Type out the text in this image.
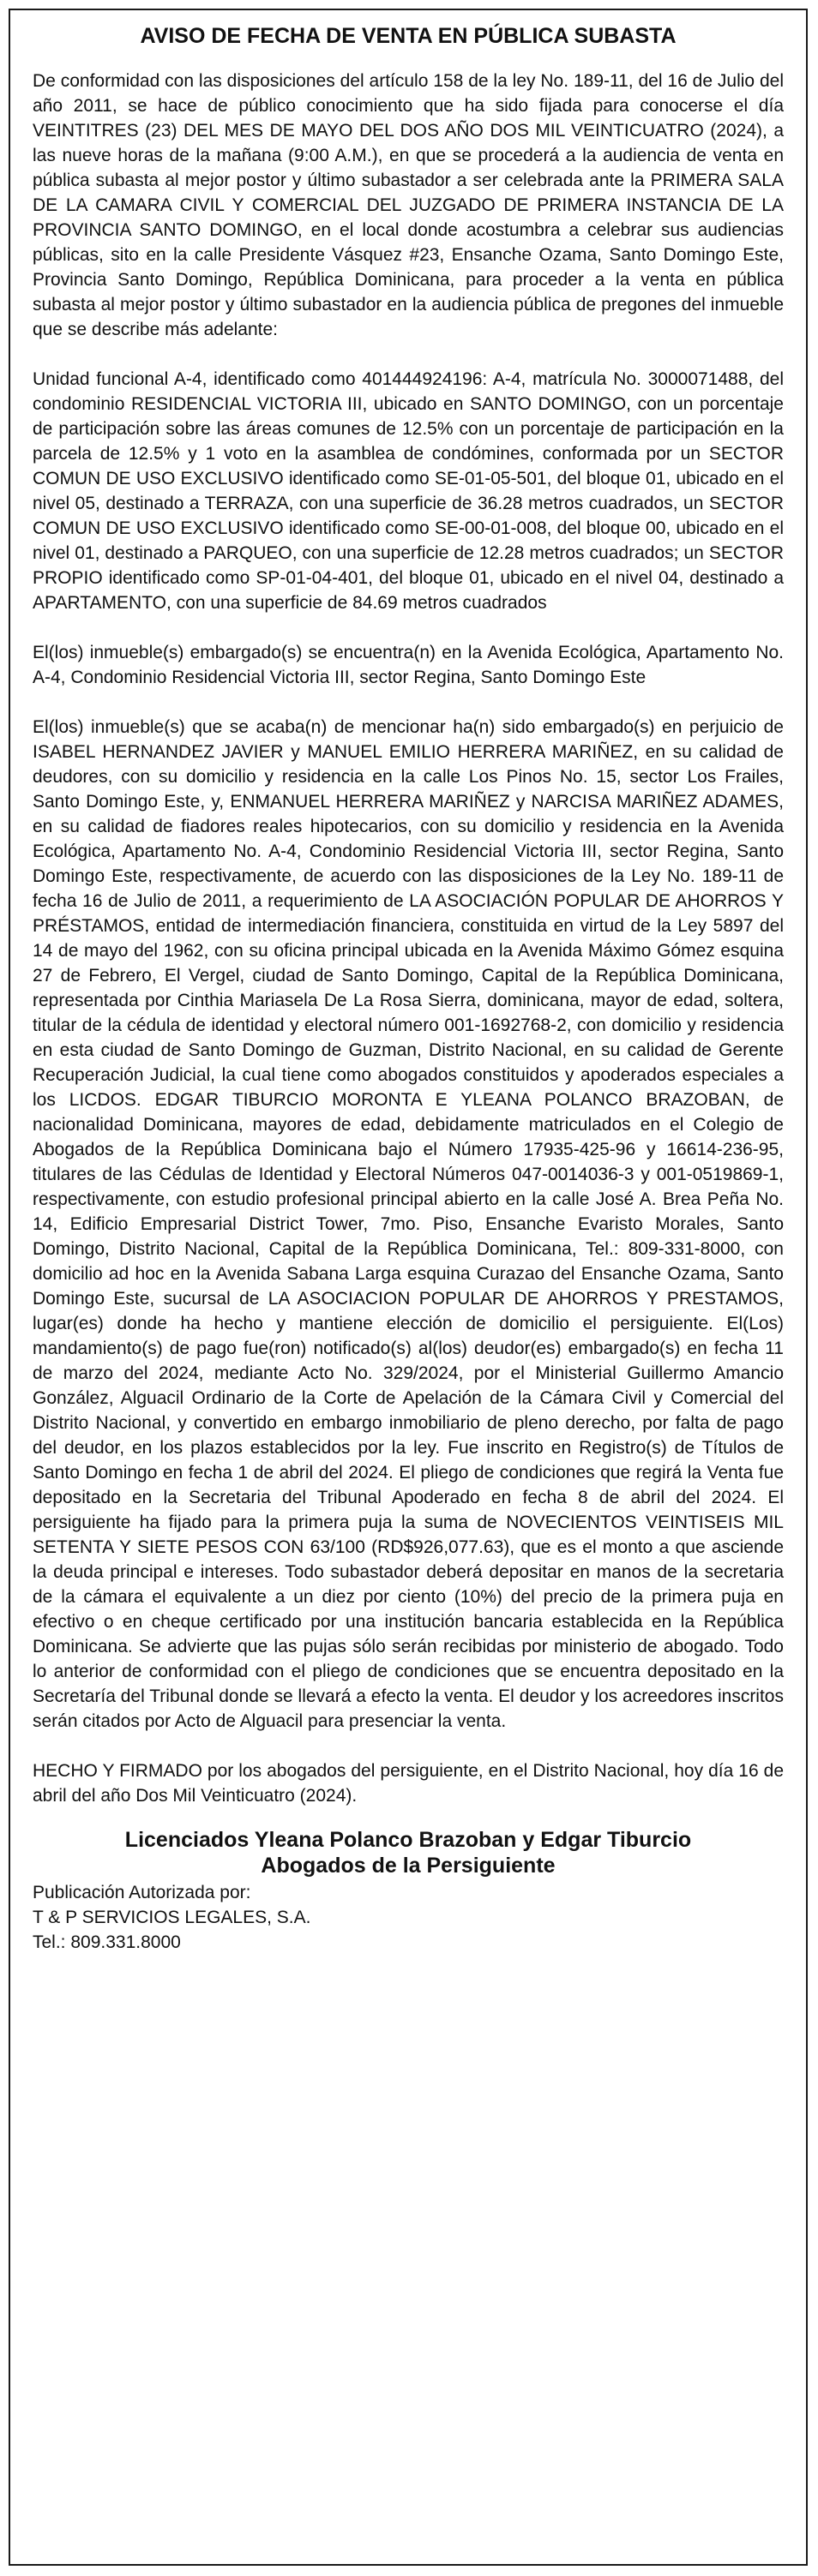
AVISO DE FECHA DE VENTA EN PÚBLICA SUBASTA

De conformidad con las disposiciones del artículo 158 de la ley No. 189-11, del 16 de Julio del año 2011, se hace de público conocimiento que ha sido fijada para conocerse el día VEINTITRES (23) DEL MES DE MAYO DEL DOS AÑO DOS MIL VEINTICUATRO (2024), a las nueve horas de la mañana (9:00 A.M.), en que se procederá a la audiencia de venta en pública subasta al mejor postor y último subastador a ser celebrada ante la PRIMERA SALA DE LA CAMARA CIVIL Y COMERCIAL DEL JUZGADO DE PRIMERA INSTANCIA DE LA PROVINCIA SANTO DOMINGO, en el local donde acostumbra a celebrar sus audiencias públicas, sito en la calle Presidente Vásquez #23, Ensanche Ozama, Santo Domingo Este, Provincia Santo Domingo, República Dominicana, para proceder a la venta en pública subasta al mejor postor y último subastador en la audiencia pública de pregones del inmueble que se describe más adelante:

Unidad funcional A-4, identificado como 401444924196: A-4, matrícula No. 3000071488, del condominio RESIDENCIAL VICTORIA III, ubicado en SANTO DOMINGO, con un porcentaje de participación sobre las áreas comunes de 12.5% con un porcentaje de participación en la parcela de 12.5% y 1 voto en la asamblea de condómines, conformada por un SECTOR COMUN DE USO EXCLUSIVO identificado como SE-01-05-501, del bloque 01, ubicado en el nivel 05, destinado a TERRAZA, con una superficie de 36.28 metros cuadrados, un SECTOR COMUN DE USO EXCLUSIVO identificado como SE-00-01-008, del bloque 00, ubicado en el nivel 01, destinado a PARQUEO, con una superficie de 12.28 metros cuadrados; un SECTOR PROPIO identificado como SP-01-04-401, del bloque 01, ubicado en el nivel 04, destinado a APARTAMENTO, con una superficie de 84.69 metros cuadrados

El(los) inmueble(s) embargado(s) se encuentra(n) en la Avenida Ecológica, Apartamento No. A-4, Condominio Residencial Victoria III, sector Regina, Santo Domingo Este

El(los) inmueble(s) que se acaba(n) de mencionar ha(n) sido embargado(s) en perjuicio de ISABEL HERNANDEZ JAVIER y MANUEL EMILIO HERRERA MARIÑEZ, en su calidad de deudores, con su domicilio y residencia en la calle Los Pinos No. 15, sector Los Frailes, Santo Domingo Este, y, ENMANUEL HERRERA MARIÑEZ y NARCISA MARIÑEZ ADAMES, en su calidad de fiadores reales hipotecarios, con su domicilio y residencia en la Avenida Ecológica, Apartamento No. A-4, Condominio Residencial Victoria III, sector Regina, Santo Domingo Este, respectivamente, de acuerdo con las disposiciones de la Ley No. 189-11 de fecha 16 de Julio de 2011, a requerimiento de LA ASOCIACIÓN POPULAR DE AHORROS Y PRÉSTAMOS, entidad de intermediación financiera, constituida en virtud de la Ley 5897 del 14 de mayo del 1962, con su oficina principal ubicada en la Avenida Máximo Gómez esquina 27 de Febrero, El Vergel, ciudad de Santo Domingo, Capital de la República Dominicana, representada por Cinthia Mariasela De La Rosa Sierra, dominicana, mayor de edad, soltera, titular de la cédula de identidad y electoral número 001-1692768-2, con domicilio y residencia en esta ciudad de Santo Domingo de Guzman, Distrito Nacional, en su calidad de Gerente Recuperación Judicial, la cual tiene como abogados constituidos y apoderados especiales a los LICDOS. EDGAR TIBURCIO MORONTA E YLEANA POLANCO BRAZOBAN, de nacionalidad Dominicana, mayores de edad, debidamente matriculados en el Colegio de Abogados de la República Dominicana bajo el Número 17935-425-96 y 16614-236-95, titulares de las Cédulas de Identidad y Electoral Números 047-0014036-3 y 001-0519869-1, respectivamente, con estudio profesional principal abierto en la calle José A. Brea Peña No. 14, Edificio Empresarial District Tower, 7mo. Piso, Ensanche Evaristo Morales, Santo Domingo, Distrito Nacional, Capital de la República Dominicana, Tel.: 809-331-8000, con domicilio ad hoc en la Avenida Sabana Larga esquina Curazao del Ensanche Ozama, Santo Domingo Este, sucursal de LA ASOCIACION POPULAR DE AHORROS Y PRESTAMOS, lugar(es) donde ha hecho y mantiene elección de domicilio el persiguiente. El(Los) mandamiento(s) de pago fue(ron) notificado(s) al(los) deudor(es) embargado(s) en fecha 11 de marzo del 2024, mediante Acto No. 329/2024, por el Ministerial Guillermo Amancio González, Alguacil Ordinario de la Corte de Apelación de la Cámara Civil y Comercial del Distrito Nacional, y convertido en embargo inmobiliario de pleno derecho, por falta de pago del deudor, en los plazos establecidos por la ley. Fue inscrito en Registro(s) de Títulos de Santo Domingo en fecha 1 de abril del 2024. El pliego de condiciones que regirá la Venta fue depositado en la Secretaria del Tribunal Apoderado en fecha 8 de abril del 2024. El persiguiente ha fijado para la primera puja la suma de NOVECIENTOS VEINTISEIS MIL SETENTA Y SIETE PESOS CON 63/100 (RD$926,077.63), que es el monto a que asciende la deuda principal e intereses. Todo subastador deberá depositar en manos de la secretaria de la cámara el equivalente a un diez por ciento (10%) del precio de la primera puja en efectivo o en cheque certificado por una institución bancaria establecida en la República Dominicana. Se advierte que las pujas sólo serán recibidas por ministerio de abogado. Todo lo anterior de conformidad con el pliego de condiciones que se encuentra depositado en la Secretaría del Tribunal donde se llevará a efecto la venta. El deudor y los acreedores inscritos serán citados por Acto de Alguacil para presenciar la venta.

HECHO Y FIRMADO por los abogados del persiguiente, en el Distrito Nacional, hoy día 16 de abril del año Dos Mil Veinticuatro (2024).

Licenciados Yleana Polanco Brazoban y Edgar Tiburcio
Abogados de la Persiguiente

Publicación Autorizada por:

T & P SERVICIOS LEGALES, S.A.

Tel.: 809.331.8000
